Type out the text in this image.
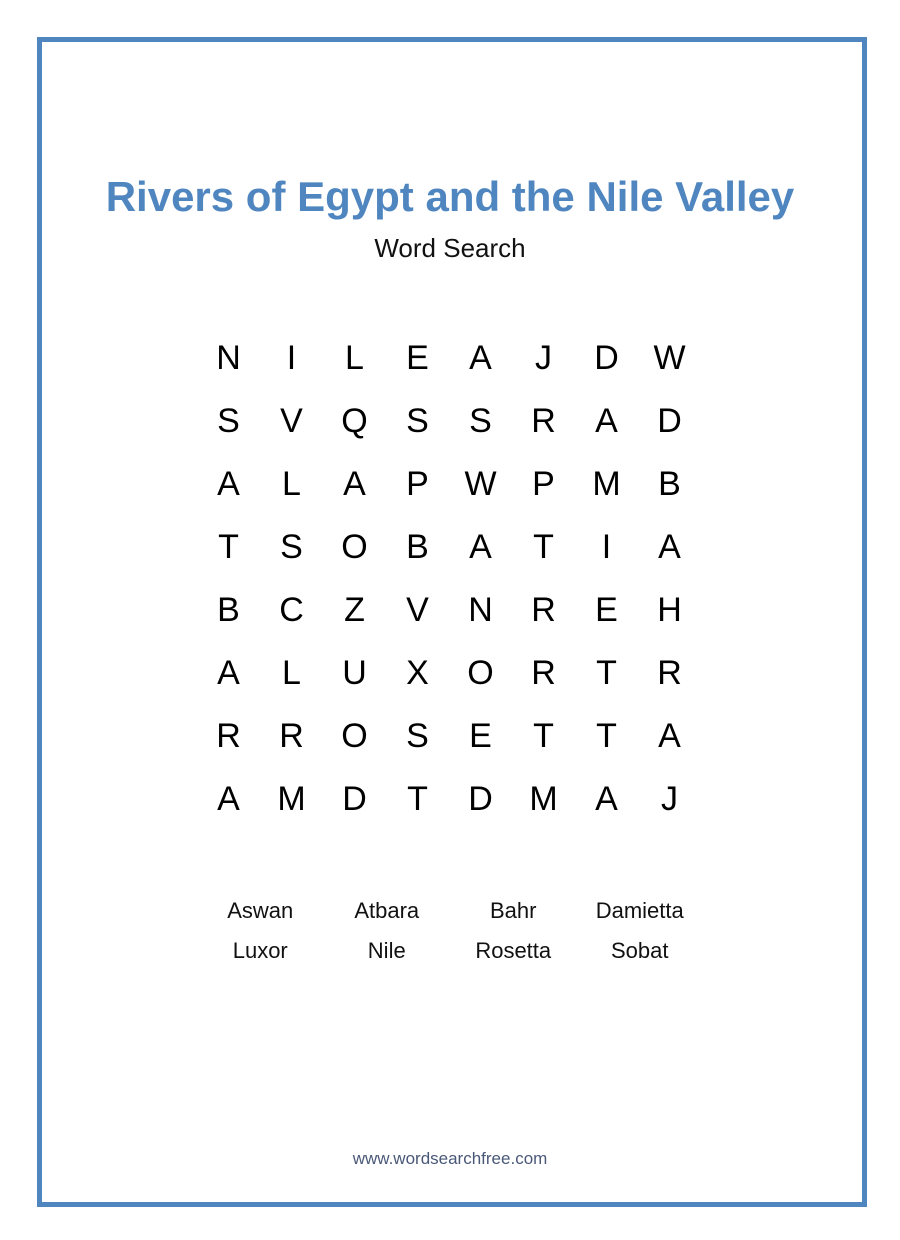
Rivers of Egypt and the Nile Valley
Word Search
N	I	L	E	A	J	D	W
S	V	Q	S	S	R	A	D
A	L	A	P	W	P	M	B
T	S	O	B	A	T	I	A
B	C	Z	V	N	R	E	H
A	L	U	X	O	R	T	R
R	R	O	S	E	T	T	A
A	M	D	T	D	M	A	J
Aswan	Atbara	Bahr	Damietta
Luxor	Nile	Rosetta	Sobat
www.wordsearchfree.com
